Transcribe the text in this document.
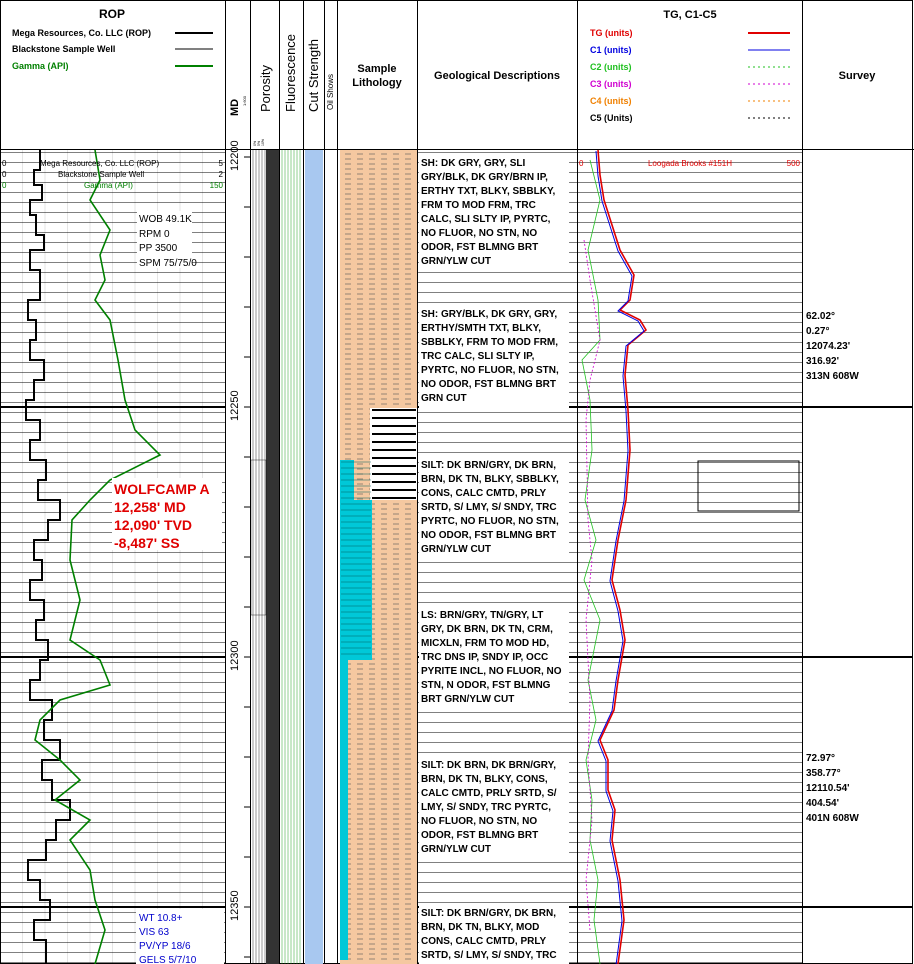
ROP
Mega Resources, Co. LLC (ROP)
Blackstone Sample Well
Gamma (API)
MD 1:600 Porosity
0% 5% 10%
Fluorescence Cut Strength Oil Shows
Sample
Lithology
Geological Descriptions
TG, C1-C5
TG (units)
C1 (units)
C2 (units)
C3 (units)
C4 (units)
C5 (Units)
Survey
12200
12250
12300
12350
0	Mega Resources, Co. LLC (ROP)	5
0	Blackstone Sample Well	2
0	Gamma (API)	150
0	Loogada Brooks #151H	500
WOB 49.1K
RPM 0
PP 3500
SPM 75/75/0
WOLFCAMP A
12,258' MD
12,090' TVD
-8,487' SS
WT 10.8+
VIS 63
PV/YP 18/6
GELS 5/7/10
SH: DK GRY, GRY, SLI
GRY/BLK, DK GRY/BRN IP,
ERTHY TXT, BLKY, SBBLKY,
FRM TO MOD FRM, TRC
CALC, SLI SLTY IP, PYRTC,
NO FLUOR, NO STN, NO
ODOR, FST BLMNG BRT
GRN/YLW CUT
SH: GRY/BLK, DK GRY, GRY,
ERTHY/SMTH TXT, BLKY,
SBBLKY, FRM TO MOD FRM,
TRC CALC, SLI SLTY IP,
PYRTC, NO FLUOR, NO STN,
NO ODOR, FST BLMNG BRT
GRN CUT
SILT: DK BRN/GRY, DK BRN,
BRN, DK TN, BLKY, SBBLKY,
CONS, CALC CMTD, PRLY
SRTD, S/ LMY, S/ SNDY, TRC
PYRTC, NO FLUOR, NO STN,
NO ODOR, FST BLMNG BRT
GRN/YLW CUT
LS: BRN/GRY, TN/GRY, LT
GRY, DK BRN, DK TN, CRM,
MICXLN, FRM TO MOD HD,
TRC DNS IP, SNDY IP, OCC
PYRITE INCL, NO FLUOR, NO
STN, N ODOR, FST BLMNG
BRT GRN/YLW CUT
SILT: DK BRN, DK BRN/GRY,
BRN, DK TN, BLKY, CONS,
CALC CMTD, PRLY SRTD, S/
LMY, S/ SNDY, TRC PYRTC,
NO FLUOR, NO STN, NO
ODOR, FST BLMNG BRT
GRN/YLW CUT
SILT: DK BRN/GRY, DK BRN,
BRN, DK TN, BLKY, MOD
CONS, CALC CMTD, PRLY
SRTD, S/ LMY, S/ SNDY, TRC
62.02°
0.27°
12074.23'
316.92'
313N 608W
72.97°
358.77°
12110.54'
404.54'
401N 608W
